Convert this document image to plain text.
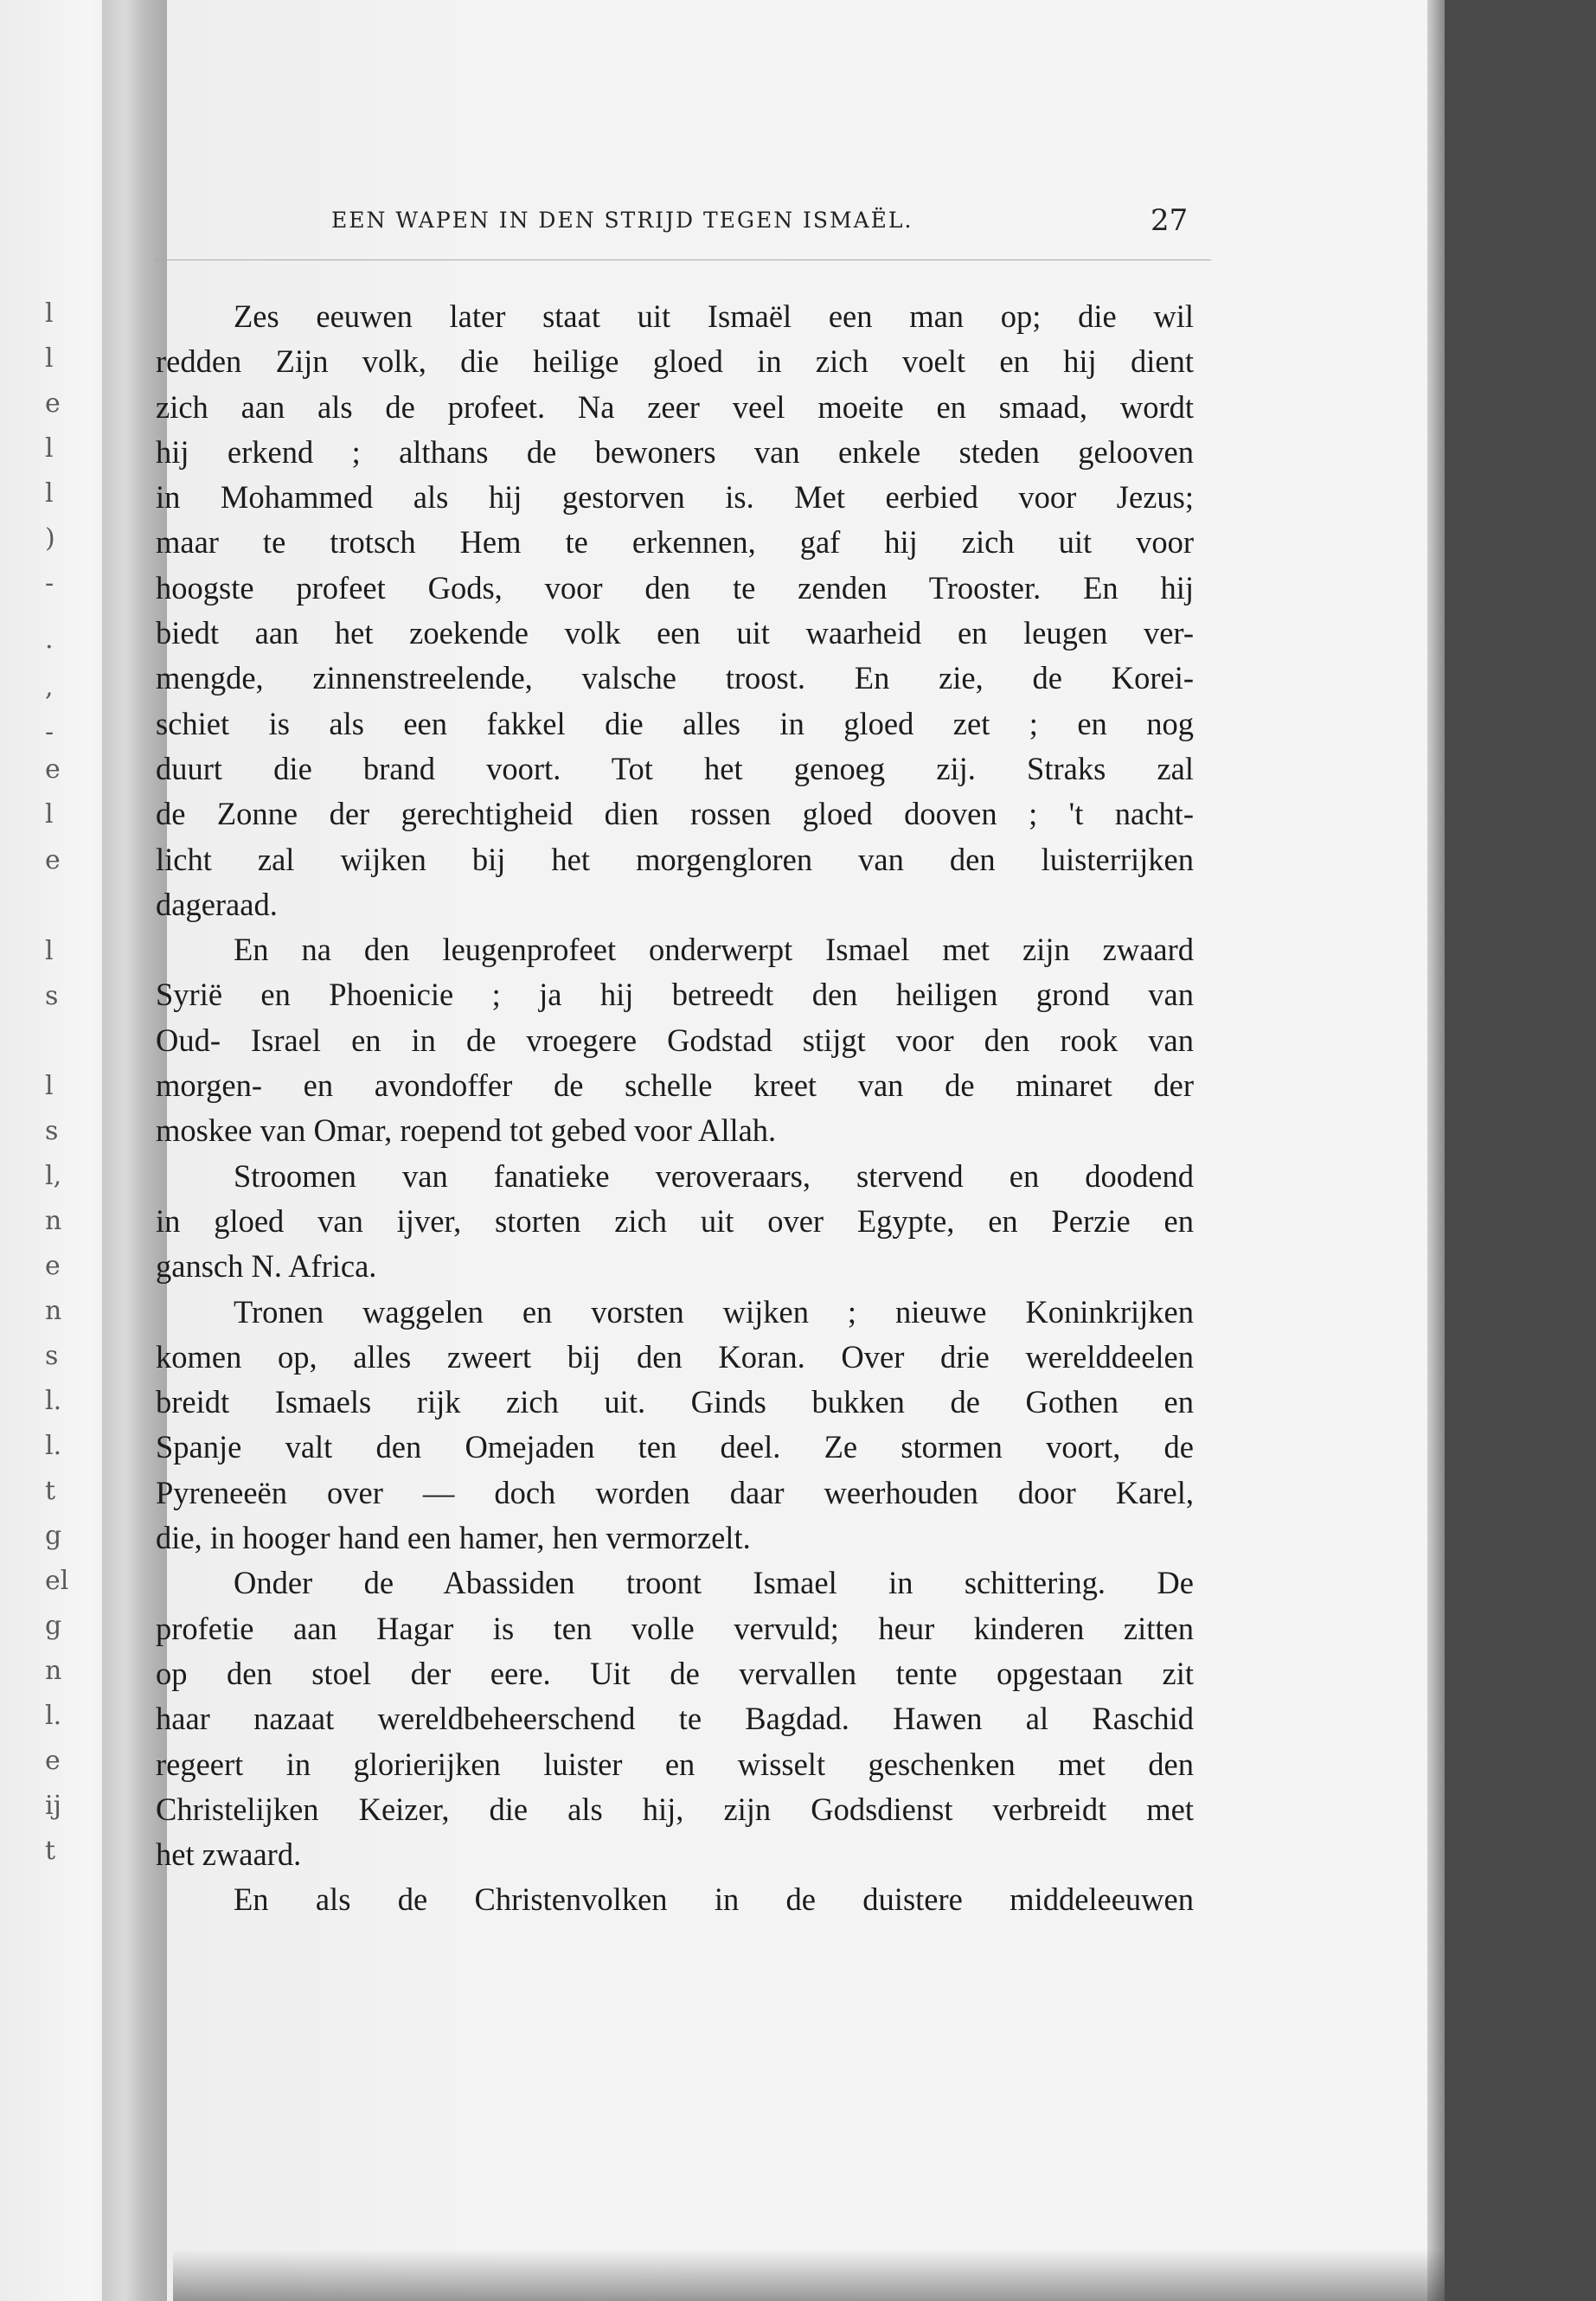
l
l
e
l
l
)
-
.
,
-
e
l
e
l
s
l
s
l,
n
e
n
s
l.
l.
t
g
el
g
n
l.
e
ij
t
EEN WAPEN IN DEN STRIJD TEGEN ISMAËL.	27
Zes eeuwen later staat uit Ismaël een man op; die wil
redden Zijn volk, die heilige gloed in zich voelt en hij dient
zich aan als de profeet. Na zeer veel moeite en smaad, wordt
hij erkend ; althans de bewoners van enkele steden gelooven
in Mohammed als hij gestorven is. Met eerbied voor Jezus;
maar te trotsch Hem te erkennen, gaf hij zich uit voor
hoogste profeet Gods, voor den te zenden Trooster. En hij
biedt aan het zoekende volk een uit waarheid en leugen ver-
mengde, zinnenstreelende, valsche troost. En zie, de Korei-
schiet is als een fakkel die alles in gloed zet ; en nog
duurt die brand voort. Tot het genoeg zij. Straks zal
de Zonne der gerechtigheid dien rossen gloed dooven ; 't nacht-
licht zal wijken bij het morgengloren van den luisterrijken
dageraad.
En na den leugenprofeet onderwerpt Ismael met zijn zwaard
Syrië en Phoenicie ; ja hij betreedt den heiligen grond van
Oud- Israel en in de vroegere Godstad stijgt voor den rook van
morgen- en avondoffer de schelle kreet van de minaret der
moskee van Omar, roepend tot gebed voor Allah.
Stroomen van fanatieke veroveraars, stervend en doodend
in gloed van ijver, storten zich uit over Egypte, en Perzie en
gansch N. Africa.
Tronen waggelen en vorsten wijken ; nieuwe Koninkrijken
komen op, alles zweert bij den Koran. Over drie werelddeelen
breidt Ismaels rijk zich uit. Ginds bukken de Gothen en
Spanje valt den Omejaden ten deel. Ze stormen voort, de
Pyreneeën over — doch worden daar weerhouden door Karel,
die, in hooger hand een hamer, hen vermorzelt.
Onder de Abassiden troont Ismael in schittering. De
profetie aan Hagar is ten volle vervuld; heur kinderen zitten
op den stoel der eere. Uit de vervallen tente opgestaan zit
haar nazaat wereldbeheerschend te Bagdad. Hawen al Raschid
regeert in glorierijken luister en wisselt geschenken met den
Christelijken Keizer, die als hij, zijn Godsdienst verbreidt met
het zwaard.
En als de Christenvolken in de duistere middeleeuwen
